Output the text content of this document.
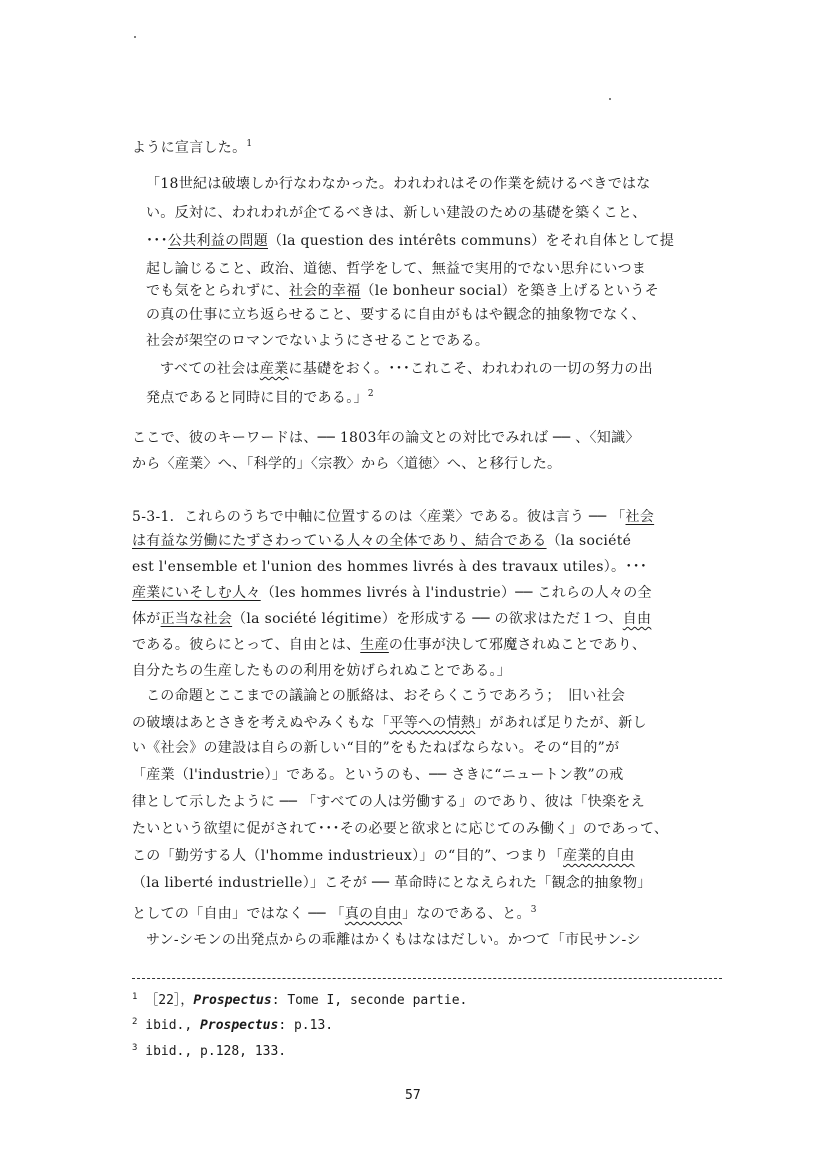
ように宣言した。$^1$
「18世紀は破壊しか行なわなかった。われわれはその作業を続けるべきではな
い。反対に、われわれが企てるべきは、新しい建設のための基礎を築くこと、
･･･公共利益の問題（la question des intérêts communs）をそれ自体として提
起し論じること、政治、道徳、哲学をして、無益で実用的でない思弁にいつま
でも気をとられずに、社会的幸福（le bonheur social）を築き上げるというそ
の真の仕事に立ち返らせること、要するに自由がもはや観念的抽象物でなく、
社会が架空のロマンでないようにさせることである。
すべての社会は産業に基礎をおく。･･･これこそ、われわれの一切の努力の出
発点であると同時に目的である。」$^2$
ここで、彼のキーワードは、── 1803年の論文との対比でみれば ── 、〈知識〉
から〈産業〉へ、「科学的」〈宗教〉から〈道徳〉へ、と移行した。
5-3-1．これらのうちで中軸に位置するのは〈産業〉である。彼は言う ── 「社会
は有益な労働にたずさわっている人々の全体であり、結合である（la société
est l'ensemble et l'union des hommes livrés à des travaux utiles）。･･･
産業にいそしむ人々（les hommes livrés à l'industrie）── これらの人々の全
体が正当な社会（la société légitime）を形成する ── の欲求はただ１つ、自由
である。彼らにとって、自由とは、生産の仕事が決して邪魔されぬことであり、
自分たちの生産したものの利用を妨げられぬことである。」
この命題とここまでの議論との脈絡は、おそらくこうであろう；　旧い社会
の破壊はあとさきを考えぬやみくもな「平等への情熱」があれば足りたが、新し
い《社会》の建設は自らの新しい“目的”をもたねばならない。その“目的”が
「産業（l'industrie）」である。というのも、── さきに“ニュートン教”の戒
律として示したように ── 「すべての人は労働する」のであり、彼は「快楽をえ
たいという欲望に促がされて･･･その必要と欲求とに応じてのみ働く」のであって、
この「勤労する人（l'homme industrieux）」の“目的”、つまり「産業的自由
（la liberté industrielle）」こそが ── 革命時にとなえられた「観念的抽象物」
としての「自由」ではなく ── 「真の自由」なのである、と。$^3$
サン-シモンの出発点からの乖離はかくもはなはだしい。かつて「市民サン-シ
$^1$ ［22］，Prospectus: Tome I, seconde partie.
$^2$ ibid., Prospectus: p.13.
$^3$ ibid., p.128, 133.
57
